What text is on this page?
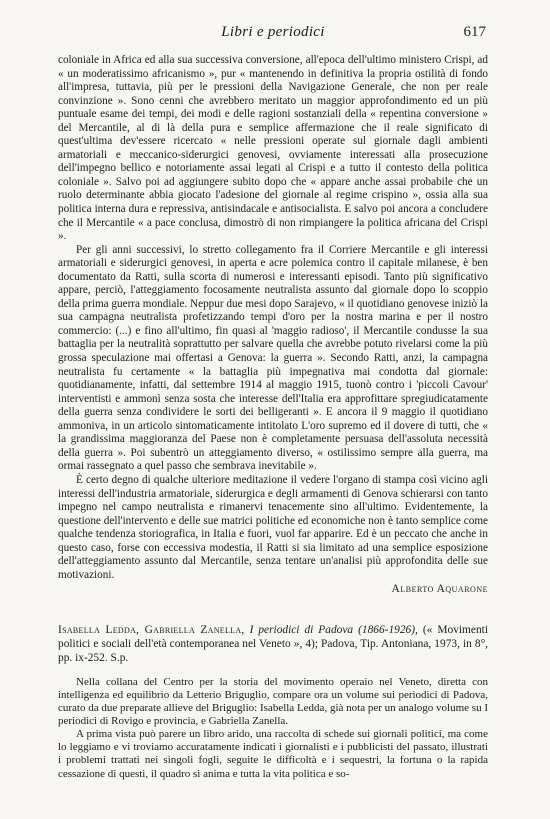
Libri e periodici	617

coloniale in Africa ed alla sua successiva conversione, all'epoca dell'ultimo ministero Crispi, ad « un moderatissimo africanismo », pur « mantenendo in definitiva la propria ostilità di fondo all'impresa, tuttavia, più per le pressioni della Navigazione Generale, che non per reale convinzione ». Sono cenni che avrebbero meritato un maggior approfondimento ed un più puntuale esame dei tempi, dei modi e delle ragioni sostanziali della « repentina conversione » del Mercantile, al di là della pura e semplice affermazione che il reale significato di quest'ultima dev'essere ricercato « nelle pressioni operate sul giornale dagli ambienti armatoriali e meccanico-siderurgici genovesi, ovviamente interessati alla prosecuzione dell'impegno bellico e notoriamente assai legati al Crispi e a tutto il contesto della politica coloniale ». Salvo poi ad aggiungere subito dopo che « appare anche assai probabile che un ruolo determinante abbia giocato l'adesione del giornale al regime crispino », ossia alla sua politica interna dura e repressiva, antisindacale e antisocialista. E salvo poi ancora a concludere che il Mercantile « a pace conclusa, dimostrò di non rimpiangere la politica africana del Crispi ».

Per gli anni successivi, lo stretto collegamento fra il Corriere Mercantile e gli interessi armatoriali e siderurgici genovesi, in aperta e acre polemica contro il capitale milanese, è ben documentato da Ratti, sulla scorta di numerosi e interessanti episodi. Tanto più significativo appare, perciò, l'atteggiamento focosamente neutralista assunto dal giornale dopo lo scoppio della prima guerra mondiale. Neppur due mesi dopo Sarajevo, « il quotidiano genovese iniziò la sua campagna neutralista profetizzando tempi d'oro per la nostra marina e per il nostro commercio: (...) e fino all'ultimo, fin quasi al 'maggio radioso', il Mercantile condusse la sua battaglia per la neutralità soprattutto per salvare quella che avrebbe potuto rivelarsi come la più grossa speculazione mai offertasi a Genova: la guerra ». Secondo Ratti, anzi, la campagna neutralista fu certamente « la battaglia più impegnativa mai condotta dal giornale: quotidianamente, infatti, dal settembre 1914 al maggio 1915, tuonò contro i 'piccoli Cavour' interventisti e ammonì senza sosta che interesse dell'Italia era approfittare spregiudicatamente della guerra senza condividere le sorti dei belligeranti ». E ancora il 9 maggio il quotidiano ammoniva, in un articolo sintomaticamente intitolato L'oro supremo ed il dovere di tutti, che « la grandissima maggioranza del Paese non è completamente persuasa dell'assoluta necessità della guerra ». Poi subentrò un atteggiamento diverso, « ostilissimo sempre alla guerra, ma ormai rassegnato a quel passo che sembrava inevitabile ».

È certo degno di qualche ulteriore meditazione il vedere l'organo di stampa così vicino agli interessi dell'industria armatoriale, siderurgica e degli armamenti di Genova schierarsi con tanto impegno nel campo neutralista e rimanervi tenacemente sino all'ultimo. Evidentemente, la questione dell'intervento e delle sue matrici politiche ed economiche non è tanto semplice come qualche tendenza storiografica, in Italia e fuori, vuol far apparire. Ed è un peccato che anche in questo caso, forse con eccessiva modestia, il Ratti si sia limitato ad una semplice esposizione dell'atteggiamento assunto dal Mercantile, senza tentare un'analisi più approfondita delle sue motivazioni.

Alberto Aquarone

Isabella Ledda, Gabriella Zanella, I periodici di Padova (1866-1926), (« Movimenti politici e sociali dell'età contemporanea nel Veneto », 4); Padova, Tip. Antoniana, 1973, in 8°, pp. ix-252. S.p.

Nella collana del Centro per la storia del movimento operaio nel Veneto, diretta con intelligenza ed equilibrio da Letterio Briguglio, compare ora un volume sui periodici di Padova, curato da due preparate allieve del Briguglio: Isabella Ledda, già nota per un analogo volume su I periodici di Rovigo e provincia, e Gabriella Zanella.

A prima vista può parere un libro arido, una raccolta di schede sui giornali politici, ma come lo leggiamo e vi troviamo accuratamente indicati i giornalisti e i pubblicisti del passato, illustrati i problemi trattati nei singoli fogli, seguite le difficoltà e i sequestri, la fortuna o la rapida cessazione di questi, il quadro si anima e tutta la vita politica e so-
